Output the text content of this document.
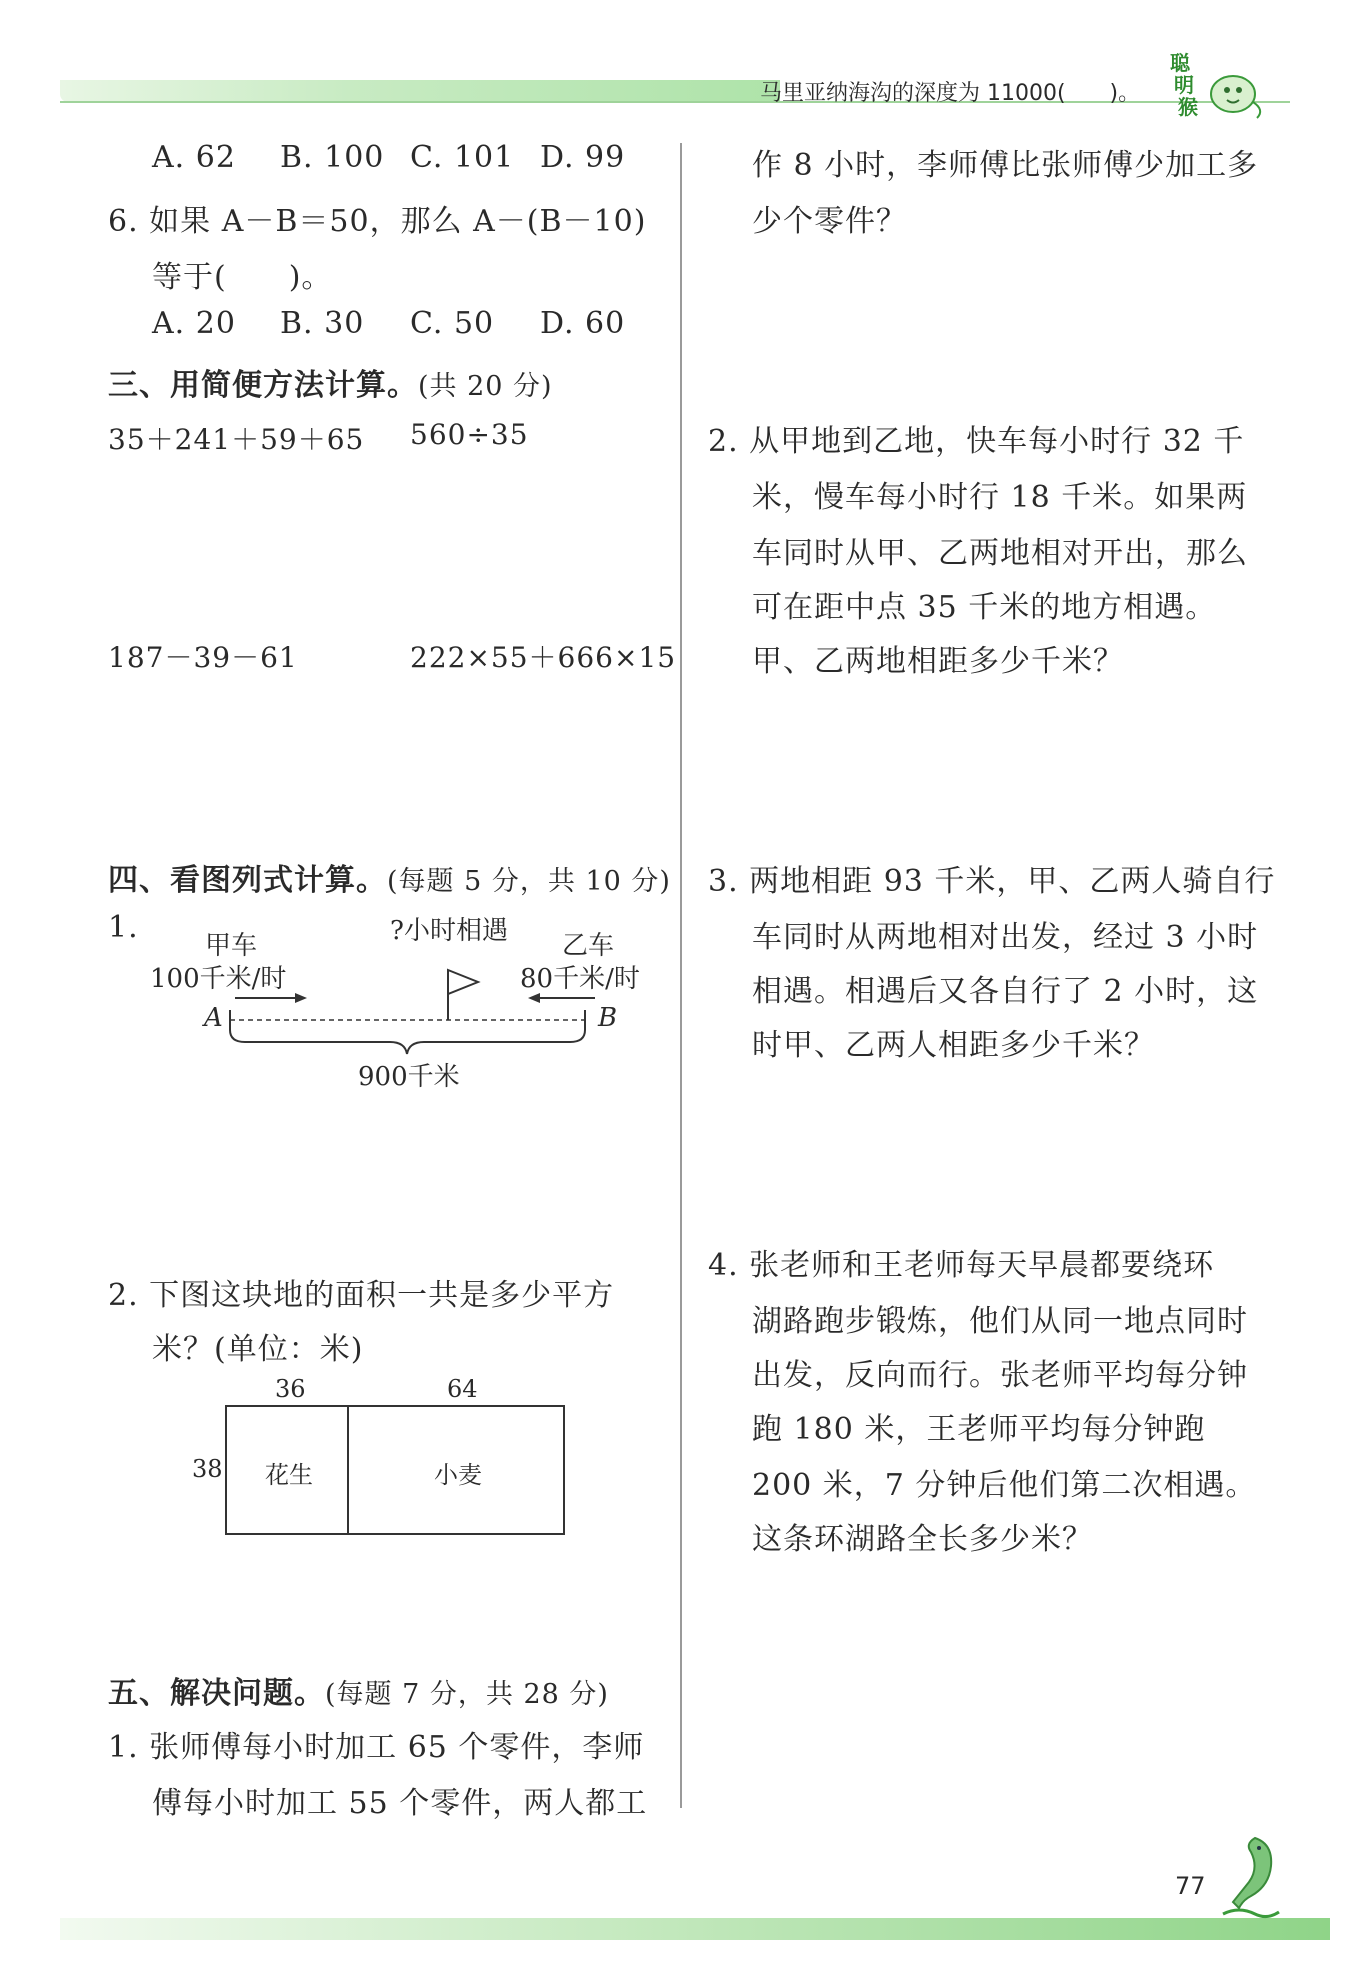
马里亚纳海沟的深度为 11000(　　)。
聪
明
猴
A. 62 B. 100 C. 101 D. 99
6. 如果 A－B＝50，那么 A－(B－10)
等于(　　)。
A. 20 B. 30 C. 50 D. 60
三、用简便方法计算。(共 20 分)
35＋241＋59＋65 560÷35
187－39－61	222×55＋666×15
四、看图列式计算。(每题 5 分，共 10 分)
1.
甲车
100千米/时
?小时相遇 乙车
80千米/时
A	B
900千米
2. 下图这块地的面积一共是多少平方
米？(单位：米)
36	64
38 花生	小麦
五、解决问题。(每题 7 分，共 28 分)
1. 张师傅每小时加工 65 个零件，李师
傅每小时加工 55 个零件，两人都工
作 8 小时，李师傅比张师傅少加工多
少个零件？
2. 从甲地到乙地，快车每小时行 32 千
米，慢车每小时行 18 千米。如果两
车同时从甲、乙两地相对开出，那么
可在距中点 35 千米的地方相遇。
甲、乙两地相距多少千米？
3. 两地相距 93 千米，甲、乙两人骑自行
车同时从两地相对出发，经过 3 小时
相遇。相遇后又各自行了 2 小时，这
时甲、乙两人相距多少千米？
4. 张老师和王老师每天早晨都要绕环
湖路跑步锻炼，他们从同一地点同时
出发，反向而行。张老师平均每分钟
跑 180 米，王老师平均每分钟跑
200 米，7 分钟后他们第二次相遇。
这条环湖路全长多少米？
77
